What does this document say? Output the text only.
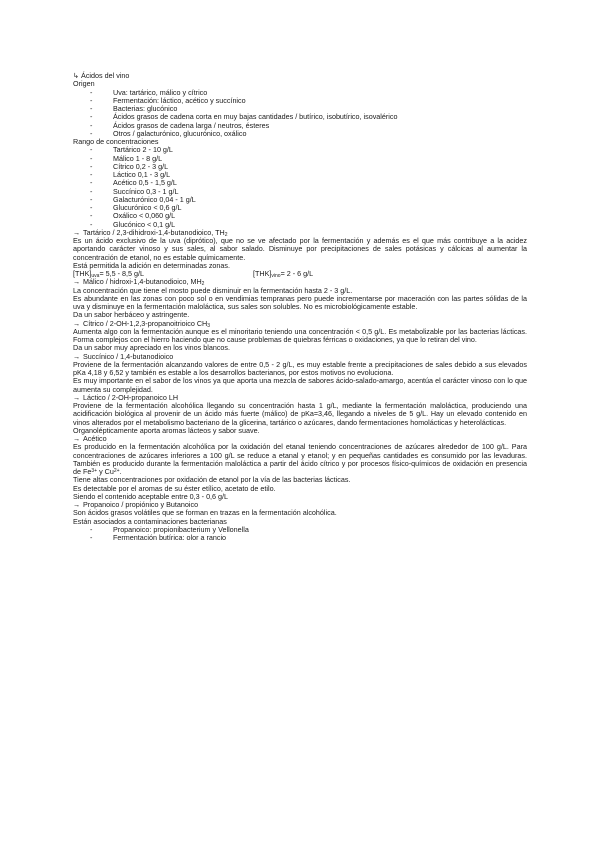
↳ Ácidos del vino
Origen
-	Uva: tartárico, málico y cítrico
-	Fermentación: láctico, acético y succínico
-	Bacterias: glucónico
-	Ácidos grasos de cadena corta en muy bajas cantidades / butírico, isobutírico, isovalérico
-	Ácidos grasos de cadena larga / neutros, ésteres
-	Otros / galacturónico, glucurónico, oxálico
Rango de concentraciones
-	Tartárico 2 - 10 g/L
-	Málico 1 - 8 g/L
-	Cítrico 0,2 - 3 g/L
-	Láctico 0,1 - 3 g/L
-	Acético 0,5 - 1,5 g/L
-	Succínico 0,3 - 1 g/L
-	Galacturónico 0,04 - 1 g/L
-	Glucurónico < 0,6 g/L
-	Oxálico < 0,060 g/L
-	Glucónico < 0,1 g/L
→ Tartárico / 2,3-dihidroxi-1,4-butanodioico, $TH_2$
Es un ácido exclusivo de la uva (diprótico), que no se ve afectado por la fermentación y además es el que más contribuye a la acidez aportando carácter vinoso y sus sales, al sabor salado. Disminuye por precipitaciones de sales potásicas y cálcicas al aumentar la concentración de etanol, no es estable químicamente.
Está permitida la adición en determinadas zonas.
$[THK]_{uva}= 5,5 - 8,5$ g/L	$[THK]_{vino}= 2 - 6$ g/L
→ Málico / hidroxi-1,4-butanodioico, $MH_2$
La concentración que tiene el mosto puede disminuir en la fermentación hasta 2 - 3 g/L.
Es abundante en las zonas con poco sol o en vendimias tempranas pero puede incrementarse por maceración con las partes sólidas de la uva y disminuye en la fermentación maloláctica, sus sales son solubles. No es microbiológicamente estable.
Da un sabor herbáceo y astringente.
→ Cítrico / 2-OH-1,2,3-propanoitrioico $CH_3$
Aumenta algo con la fermentación aunque es el minoritario teniendo una concentración < 0,5 g/L. Es metabolizable por las bacterias lácticas. Forma complejos con el hierro haciendo que no cause problemas de quiebras férricas o oxidaciones, ya que lo retiran del vino.
Da un sabor muy apreciado en los vinos blancos.
→ Succínico / 1,4-butanodioico
Proviene de la fermentación alcanzando valores de entre 0,5 - 2 g/L, es muy estable frente a precipitaciones de sales debido a sus elevados pKa 4,18 y 6,52 y también es estable a los desarrollos bacterianos, por estos motivos no evoluciona.
Es muy importante en el sabor de los vinos ya que aporta una mezcla de sabores ácido-salado-amargo, acentúa el carácter vinoso con lo que aumenta su complejidad.
→ Láctico / 2-OH-propanoico LH
Proviene de la fermentación alcohólica llegando su concentración hasta 1 g/L, mediante la fermentación maloláctica, produciendo una acidificación biológica al provenir de un ácido más fuerte (málico) de pKa=3,46, llegando a niveles de 5 g/L. Hay un elevado contenido en vinos alterados por el metabolismo bacteriano de la glicerina, tartárico o azúcares, dando fermentaciones homolácticas y heterolácticas.
Organolépticamente aporta aromas lácteos y sabor suave.
→ Acético
Es producido en la fermentación alcohólica por la oxidación del etanal teniendo concentraciones de azúcares alrededor de 100 g/L. Para concentraciones de azúcares inferiores a 100 g/L se reduce a etanal y etanol; y en pequeñas cantidades es consumido por las levaduras. También es producido durante la fermentación maloláctica a partir del ácido cítrico y por procesos físico-químicos de oxidación en presencia de $Fe^{3+}$ y $Cu^{2+}$.
Tiene altas concentraciones por oxidación de etanol por la vía de las bacterias lácticas.
Es detectable por el aromas de su éster etílico, acetato de etilo.
Siendo el contenido aceptable entre 0,3 - 0,6 g/L
→ Propanoico / propiónico y Butanoico
Son ácidos grasos volátiles que se forman en trazas en la fermentación alcohólica.
Están asociados a contaminaciones bacterianas
-	Propanoico: propionibacterium y Vellonella
-	Fermentación butírica: olor a rancio
